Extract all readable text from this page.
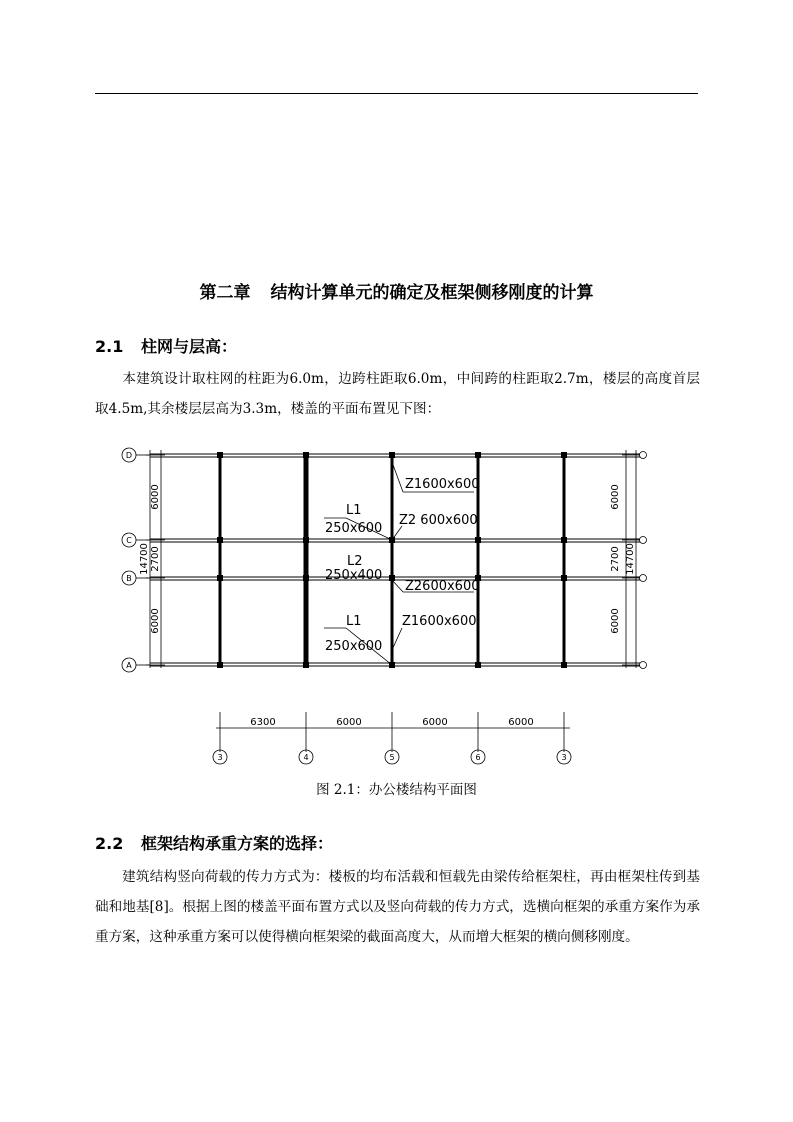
第二章 结构计算单元的确定及框架侧移刚度的计算
2.1 柱网与层高：
本建筑设计取柱网的柱距为6.0m，边跨柱距取6.0m，中间跨的柱距取2.7m，楼层的高度首层取4.5m,其余楼层层高为3.3m，楼盖的平面布置见下图：
D
C
B
A
6000
2700
6000
14700
6000
2700
6000
14700
Z1600x600
L1
250x600
Z2 600x600
L2
250x400
Z2600x600
L1	Z1600x600
250x600
6300	6000	6000	6000
3	4	5	6	3
图 2.1：办公楼结构平面图
2.2 框架结构承重方案的选择：
建筑结构竖向荷载的传力方式为：楼板的均布活载和恒载先由梁传给框架柱，再由框架柱传到基础和地基[8]。根据上图的楼盖平面布置方式以及竖向荷载的传力方式，选横向框架的承重方案作为承重方案，这种承重方案可以使得横向框架梁的截面高度大，从而增大框架的横向侧移刚度。
